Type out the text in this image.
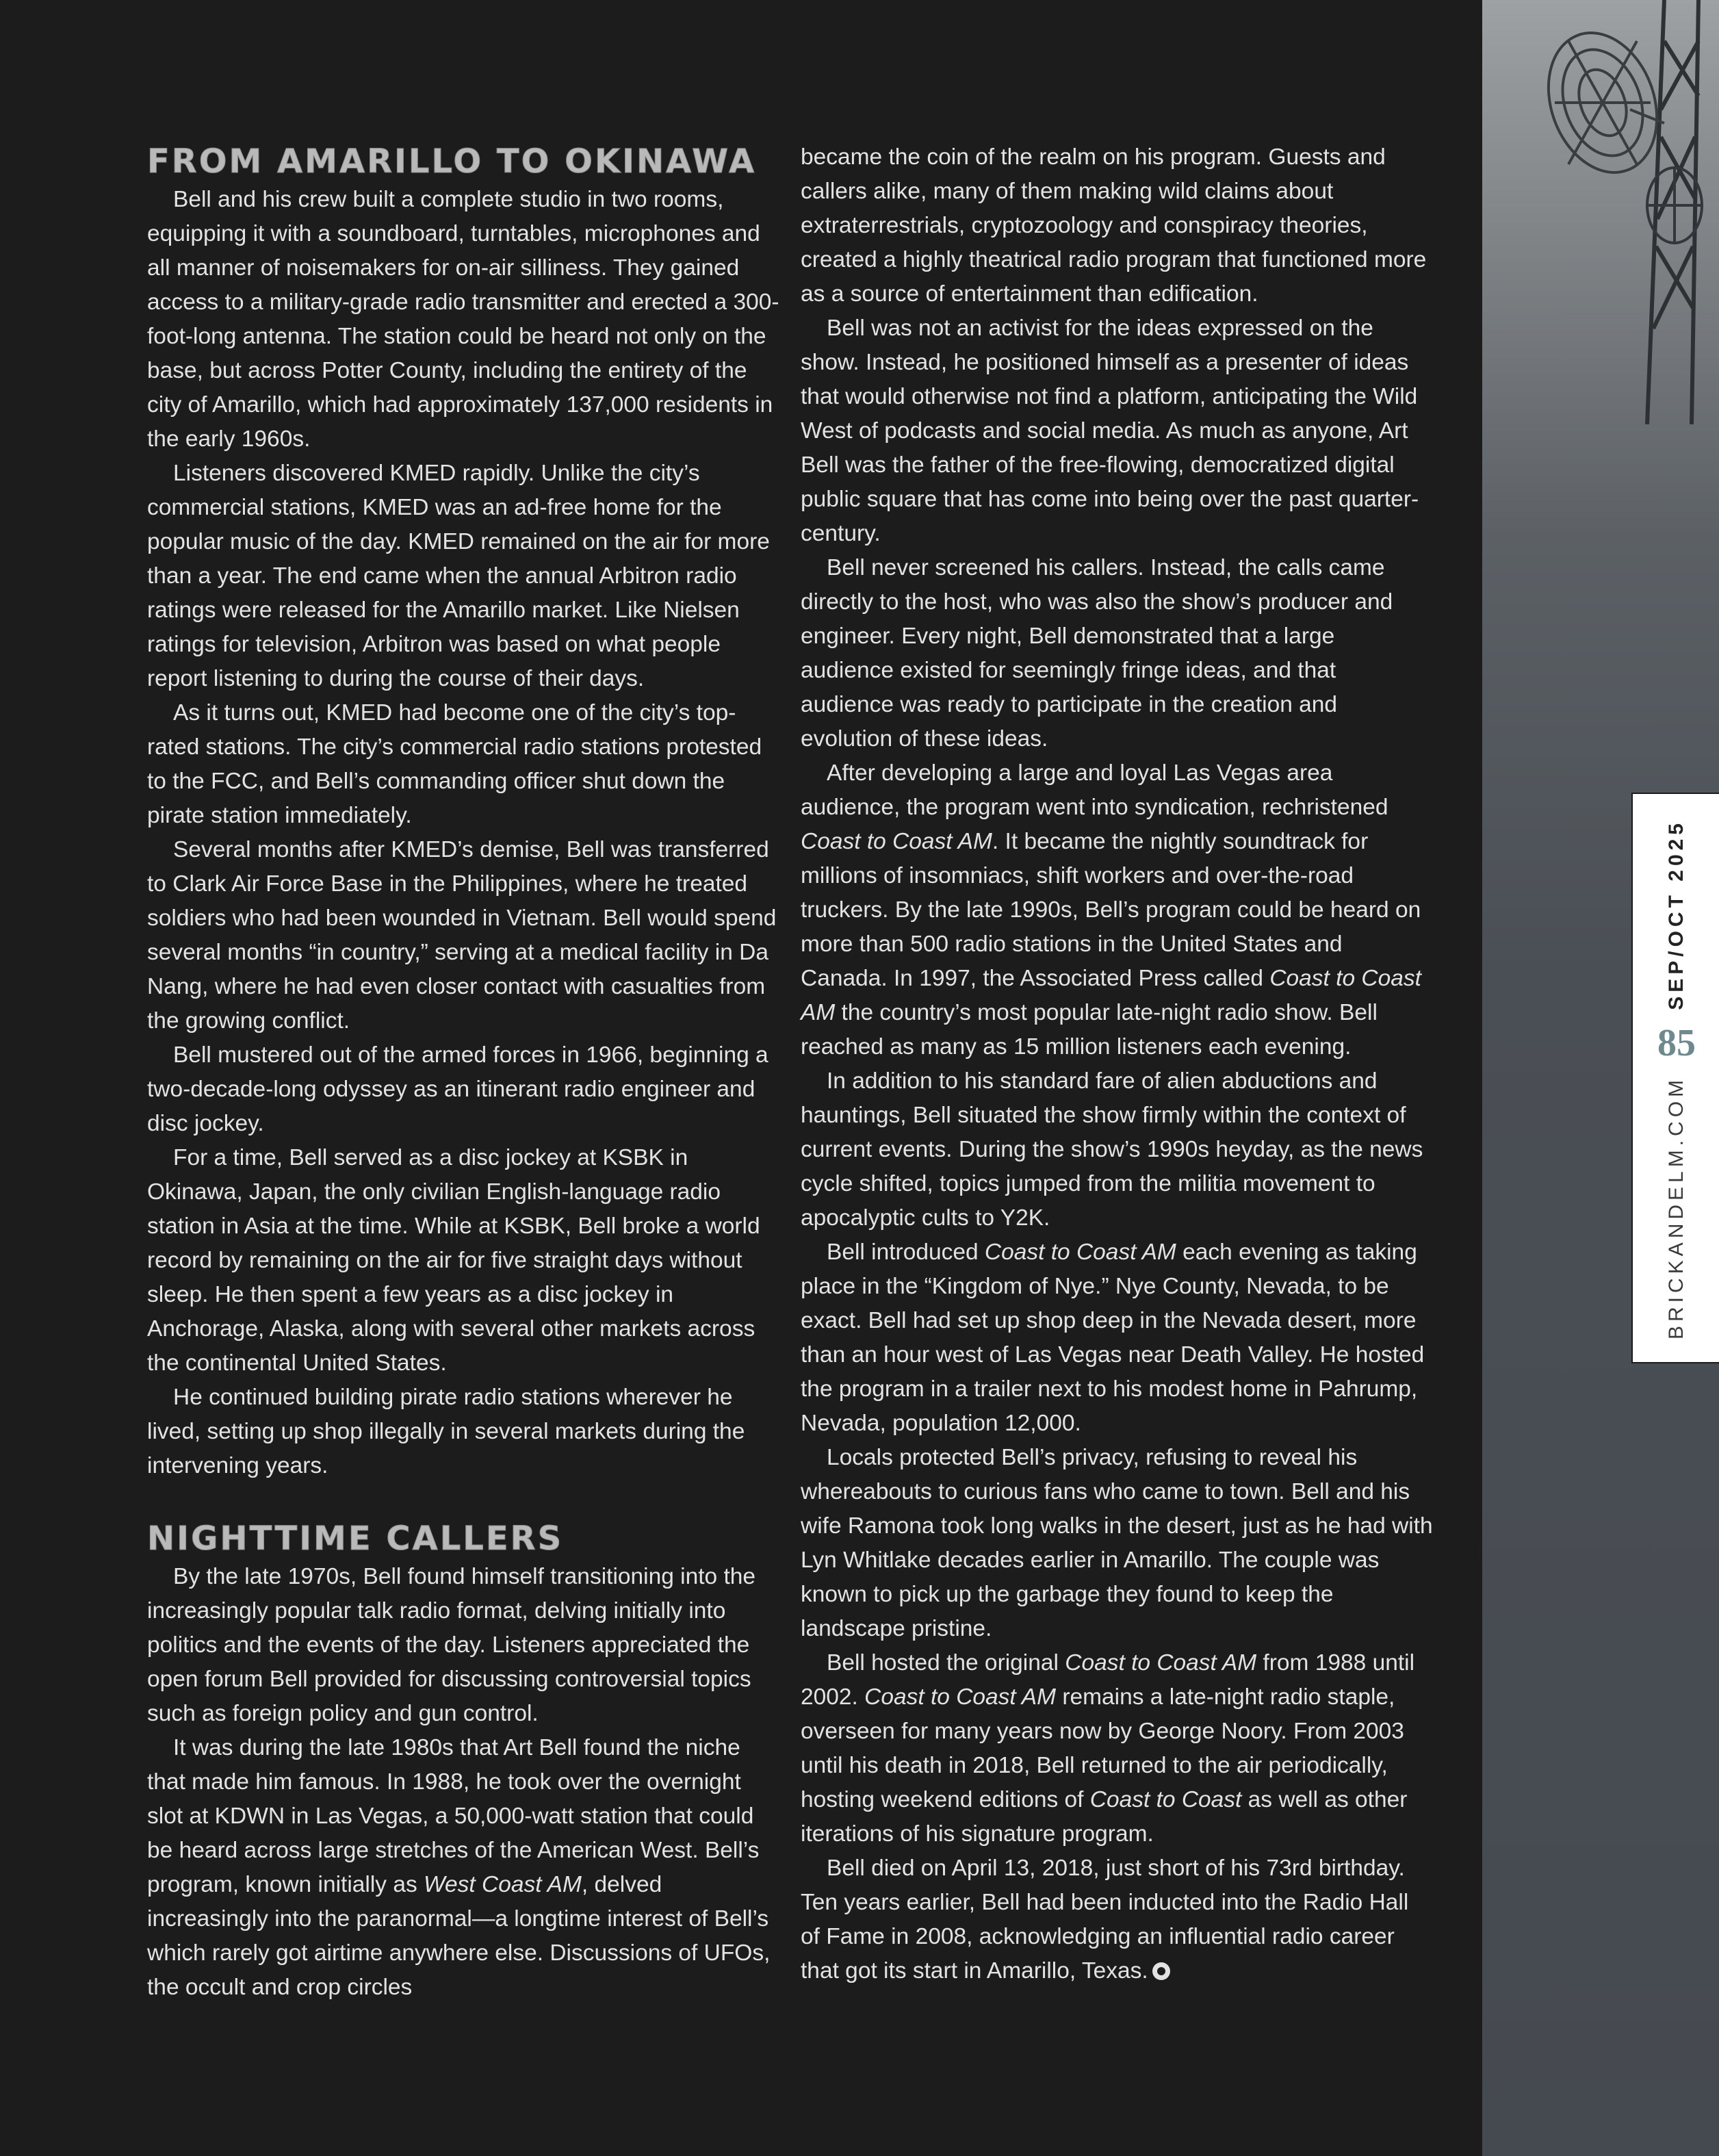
FROM AMARILLO TO OKINAWA

Bell and his crew built a complete studio in two rooms, equipping it with a soundboard, turntables, microphones and all manner of noisemakers for on-air silliness. They gained access to a military-grade radio transmitter and erected a 300-foot-long antenna. The station could be heard not only on the base, but across Potter County, including the entirety of the city of Amarillo, which had approximately 137,000 residents in the early 1960s.

Listeners discovered KMED rapidly. Unlike the city’s commercial stations, KMED was an ad-free home for the popular music of the day. KMED remained on the air for more than a year. The end came when the annual Arbitron radio ratings were released for the Amarillo market. Like Nielsen ratings for television, Arbitron was based on what people report listening to during the course of their days.

As it turns out, KMED had become one of the city’s top-rated stations. The city’s commercial radio stations protested to the FCC, and Bell’s commanding officer shut down the pirate station immediately.

Several months after KMED’s demise, Bell was transferred to Clark Air Force Base in the Philippines, where he treated soldiers who had been wounded in Vietnam. Bell would spend several months “in country,” serving at a medical facility in Da Nang, where he had even closer contact with casualties from the growing conflict.

Bell mustered out of the armed forces in 1966, beginning a two-decade-long odyssey as an itinerant radio engineer and disc jockey.

For a time, Bell served as a disc jockey at KSBK in Okinawa, Japan, the only civilian English-language radio station in Asia at the time. While at KSBK, Bell broke a world record by remaining on the air for five straight days without sleep. He then spent a few years as a disc jockey in Anchorage, Alaska, along with several other markets across the continental United States.

He continued building pirate radio stations wherever he lived, setting up shop illegally in several markets during the intervening years.

NIGHTTIME CALLERS

By the late 1970s, Bell found himself transitioning into the increasingly popular talk radio format, delving initially into politics and the events of the day. Listeners appreciated the open forum Bell provided for discussing controversial topics such as foreign policy and gun control.

It was during the late 1980s that Art Bell found the niche that made him famous. In 1988, he took over the overnight slot at KDWN in Las Vegas, a 50,000-watt station that could be heard across large stretches of the American West. Bell’s program, known initially as West Coast AM, delved increasingly into the paranormal—a longtime interest of Bell’s which rarely got airtime anywhere else. Discussions of UFOs, the occult and crop circles

became the coin of the realm on his program. Guests and callers alike, many of them making wild claims about extraterrestrials, cryptozoology and conspiracy theories, created a highly theatrical radio program that functioned more as a source of entertainment than edification.

Bell was not an activist for the ideas expressed on the show. Instead, he positioned himself as a presenter of ideas that would otherwise not find a platform, anticipating the Wild West of podcasts and social media. As much as anyone, Art Bell was the father of the free-flowing, democratized digital public square that has come into being over the past quarter-century.

Bell never screened his callers. Instead, the calls came directly to the host, who was also the show’s producer and engineer. Every night, Bell demonstrated that a large audience existed for seemingly fringe ideas, and that audience was ready to participate in the creation and evolution of these ideas.

After developing a large and loyal Las Vegas area audience, the program went into syndication, rechristened Coast to Coast AM. It became the nightly soundtrack for millions of insomniacs, shift workers and over-the-road truckers. By the late 1990s, Bell’s program could be heard on more than 500 radio stations in the United States and Canada. In 1997, the Associated Press called Coast to Coast AM the country’s most popular late-night radio show. Bell reached as many as 15 million listeners each evening.

In addition to his standard fare of alien abductions and hauntings, Bell situated the show firmly within the context of current events. During the show’s 1990s heyday, as the news cycle shifted, topics jumped from the militia movement to apocalyptic cults to Y2K.

Bell introduced Coast to Coast AM each evening as taking place in the “Kingdom of Nye.” Nye County, Nevada, to be exact. Bell had set up shop deep in the Nevada desert, more than an hour west of Las Vegas near Death Valley. He hosted the program in a trailer next to his modest home in Pahrump, Nevada, population 12,000.

Locals protected Bell’s privacy, refusing to reveal his whereabouts to curious fans who came to town. Bell and his wife Ramona took long walks in the desert, just as he had with Lyn Whitlake decades earlier in Amarillo. The couple was known to pick up the garbage they found to keep the landscape pristine.

Bell hosted the original Coast to Coast AM from 1988 until 2002. Coast to Coast AM remains a late-night radio staple, overseen for many years now by George Noory. From 2003 until his death in 2018, Bell returned to the air periodically, hosting weekend editions of Coast to Coast as well as other iterations of his signature program.

Bell died on April 13, 2018, just short of his 73rd birthday. Ten years earlier, Bell had been inducted into the Radio Hall of Fame in 2008, acknowledging an influential radio career that got its start in Amarillo, Texas.

BRICKANDELM.COM
85
SEP/OCT 2025
